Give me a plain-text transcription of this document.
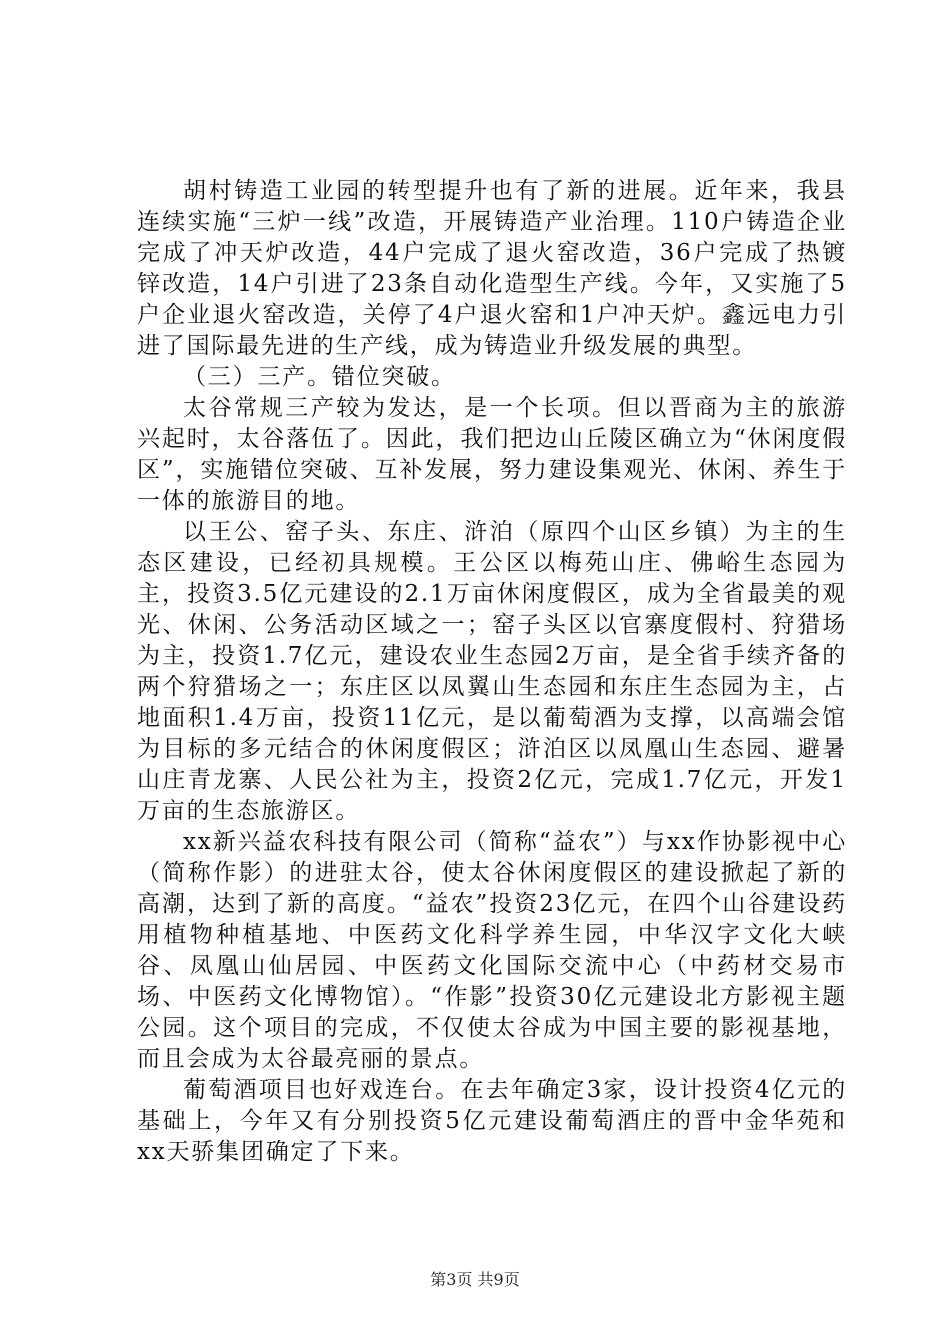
胡村铸造工业园的转型提升也有了新的进展。近年来，我县连续实施“三炉一线”改造，开展铸造产业治理。110户铸造企业完成了冲天炉改造，44户完成了退火窑改造，36户完成了热镀锌改造，14户引进了23条自动化造型生产线。今年，又实施了5户企业退火窑改造，关停了4户退火窑和1户冲天炉。鑫远电力引进了国际最先进的生产线，成为铸造业升级发展的典型。

（三）三产。错位突破。

太谷常规三产较为发达，是一个长项。但以晋商为主的旅游兴起时，太谷落伍了。因此，我们把边山丘陵区确立为“休闲度假区”，实施错位突破、互补发展，努力建设集观光、休闲、养生于一体的旅游目的地。

以王公、窑子头、东庄、浒泊（原四个山区乡镇）为主的生态区建设，已经初具规模。王公区以梅苑山庄、佛峪生态园为主，投资3.5亿元建设的2.1万亩休闲度假区，成为全省最美的观光、休闲、公务活动区域之一；窑子头区以官寨度假村、狩猎场为主，投资1.7亿元，建设农业生态园2万亩，是全省手续齐备的两个狩猎场之一；东庄区以凤翼山生态园和东庄生态园为主，占地面积1.4万亩，投资11亿元，是以葡萄酒为支撑，以高端会馆为目标的多元结合的休闲度假区；浒泊区以凤凰山生态园、避暑山庄青龙寨、人民公社为主，投资2亿元，完成1.7亿元，开发1万亩的生态旅游区。

xx新兴益农科技有限公司（简称“益农”）与xx作协影视中心（简称作影）的进驻太谷，使太谷休闲度假区的建设掀起了新的高潮，达到了新的高度。“益农”投资23亿元，在四个山谷建设药用植物种植基地、中医药文化科学养生园，中华汉字文化大峡谷、凤凰山仙居园、中医药文化国际交流中心（中药材交易市场、中医药文化博物馆）。“作影”投资30亿元建设北方影视主题公园。这个项目的完成，不仅使太谷成为中国主要的影视基地，而且会成为太谷最亮丽的景点。

葡萄酒项目也好戏连台。在去年确定3家，设计投资4亿元的基础上，今年又有分别投资5亿元建设葡萄酒庄的晋中金华苑和xx天骄集团确定了下来。

第3页 共9页
